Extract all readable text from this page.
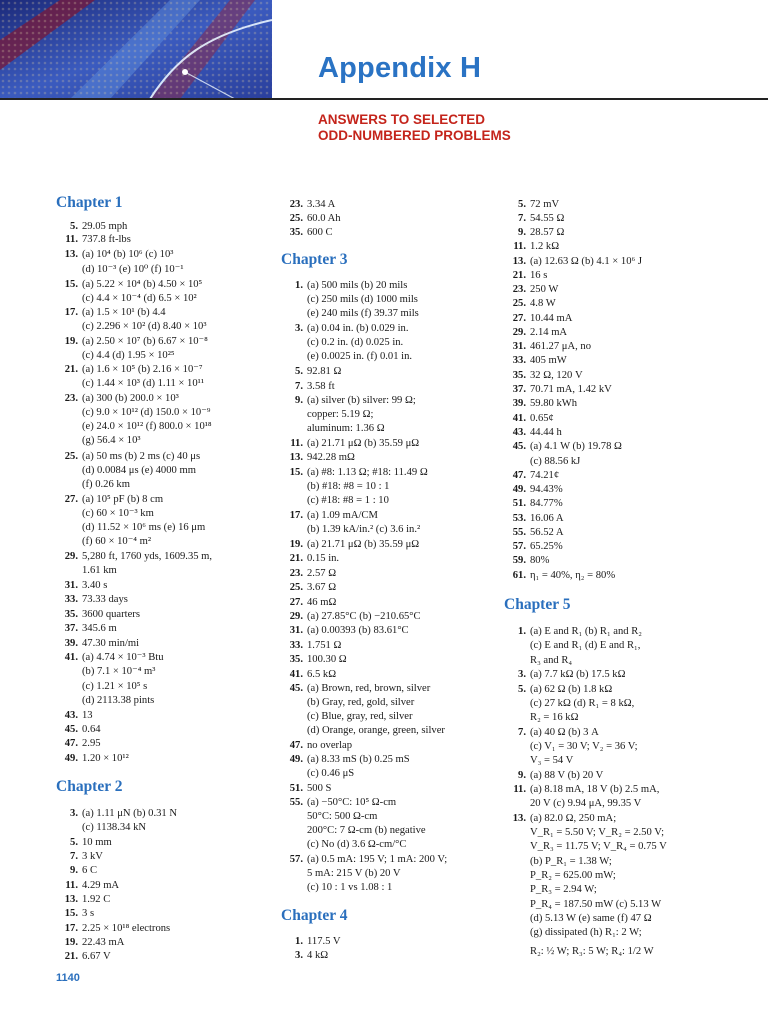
Appendix H
ANSWERS TO SELECTED
ODD-NUMBERED PROBLEMS
Chapter 1
5. 29.05 mph
11. 737.8 ft-lbs
13. (a) 10⁴ (b) 10⁶ (c) 10³
(d) 10⁻³ (e) 10⁰ (f) 10⁻¹
15. (a) 5.22 × 10⁴ (b) 4.50 × 10⁵
(c) 4.4 × 10⁻⁴ (d) 6.5 × 10²
17. (a) 1.5 × 10¹ (b) 4.4
(c) 2.296 × 10² (d) 8.40 × 10³
19. (a) 2.50 × 10⁷ (b) 6.67 × 10⁻⁸
(c) 4.4 (d) 1.95 × 10²⁵
21. (a) 1.6 × 10⁵ (b) 2.16 × 10⁻⁷
(c) 1.44 × 10³ (d) 1.11 × 10¹¹
23. (a) 300 (b) 200.0 × 10³
(c) 9.0 × 10¹² (d) 150.0 × 10⁻⁹
(e) 24.0 × 10¹² (f) 800.0 × 10¹⁸
(g) 56.4 × 10³
25. (a) 50 ms (b) 2 ms (c) 40 μs
(d) 0.0084 μs (e) 4000 mm
(f) 0.26 km
27. (a) 10⁵ pF (b) 8 cm
(c) 60 × 10⁻³ km
(d) 11.52 × 10⁶ ms (e) 16 μm
(f) 60 × 10⁻⁴ m²
29. 5,280 ft, 1760 yds, 1609.35 m,
1.61 km
31. 3.40 s
33. 73.33 days
35. 3600 quarters
37. 345.6 m
39. 47.30 min/mi
41. (a) 4.74 × 10⁻³ Btu
(b) 7.1 × 10⁻⁴ m³
(c) 1.21 × 10⁵ s
(d) 2113.38 pints
43. 13
45. 0.64
47. 2.95
49. 1.20 × 10¹²
Chapter 2
3. (a) 1.11 μN (b) 0.31 N
(c) 1138.34 kN
5. 10 mm
7. 3 kV
9. 6 C
11. 4.29 mA
13. 1.92 C
15. 3 s
17. 2.25 × 10¹⁸ electrons
19. 22.43 mA
21. 6.67 V
23. 3.34 A
25. 60.0 Ah
35. 600 C
Chapter 3
1. (a) 500 mils (b) 20 mils
(c) 250 mils (d) 1000 mils
(e) 240 mils (f) 39.37 mils
3. (a) 0.04 in. (b) 0.029 in.
(c) 0.2 in. (d) 0.025 in.
(e) 0.0025 in. (f) 0.01 in.
5. 92.81 Ω
7. 3.58 ft
9. (a) silver (b) silver: 99 Ω;
copper: 5.19 Ω;
aluminum: 1.36 Ω
11. (a) 21.71 μΩ (b) 35.59 μΩ
13. 942.28 mΩ
15. (a) #8: 1.13 Ω; #18: 11.49 Ω
(b) #18: #8 = 10 : 1
(c) #18: #8 = 1 : 10
17. (a) 1.09 mA/CM
(b) 1.39 kA/in.² (c) 3.6 in.²
19. (a) 21.71 μΩ (b) 35.59 μΩ
21. 0.15 in.
23. 2.57 Ω
25. 3.67 Ω
27. 46 mΩ
29. (a) 27.85°C (b) −210.65°C
31. (a) 0.00393 (b) 83.61°C
33. 1.751 Ω
35. 100.30 Ω
41. 6.5 kΩ
45. (a) Brown, red, brown, silver
(b) Gray, red, gold, silver
(c) Blue, gray, red, silver
(d) Orange, orange, green, silver
47. no overlap
49. (a) 8.33 mS (b) 0.25 mS
(c) 0.46 μS
51. 500 S
55. (a) −50°C: 10⁵ Ω-cm
50°C: 500 Ω-cm
200°C: 7 Ω-cm (b) negative
(c) No (d) 3.6 Ω-cm/°C
57. (a) 0.5 mA: 195 V; 1 mA: 200 V;
5 mA: 215 V (b) 20 V
(c) 10 : 1 vs 1.08 : 1
Chapter 4
1. 117.5 V
3. 4 kΩ
5. 72 mV
7. 54.55 Ω
9. 28.57 Ω
11. 1.2 kΩ
13. (a) 12.63 Ω (b) 4.1 × 10⁶ J
21. 16 s
23. 250 W
25. 4.8 W
27. 10.44 mA
29. 2.14 mA
31. 461.27 μA, no
33. 405 mW
35. 32 Ω, 120 V
37. 70.71 mA, 1.42 kV
39. 59.80 kWh
41. 0.65¢
43. 44.44 h
45. (a) 4.1 W (b) 19.78 Ω
(c) 88.56 kJ
47. 74.21¢
49. 94.43%
51. 84.77%
53. 16.06 A
55. 56.52 A
57. 65.25%
59. 80%
61. η₁ = 40%, η₂ = 80%
Chapter 5
1. (a) E and R₁ (b) R₁ and R₂
(c) E and R₁ (d) E and R₁,
R₃ and R₄
3. (a) 7.7 kΩ (b) 17.5 kΩ
5. (a) 62 Ω (b) 1.8 kΩ
(c) 27 kΩ (d) R₁ = 8 kΩ,
R₂ = 16 kΩ
7. (a) 40 Ω (b) 3 A
(c) V₁ = 30 V; V₂ = 36 V;
V₃ = 54 V
9. (a) 88 V (b) 20 V
11. (a) 8.18 mA, 18 V (b) 2.5 mA,
20 V (c) 9.94 μA, 99.35 V
13. (a) 82.0 Ω, 250 mA;
V_R₁ = 5.50 V; V_R₂ = 2.50 V;
V_R₃ = 11.75 V; V_R₄ = 0.75 V
(b) P_R₁ = 1.38 W;
P_R₂ = 625.00 mW;
P_R₃ = 2.94 W;
P_R₄ = 187.50 mW (c) 5.13 W
(d) 5.13 W (e) same (f) 47 Ω
(g) dissipated (h) R₁: 2 W;
R₂: ½ W; R₃: 5 W; R₄: 1/2 W
1140
